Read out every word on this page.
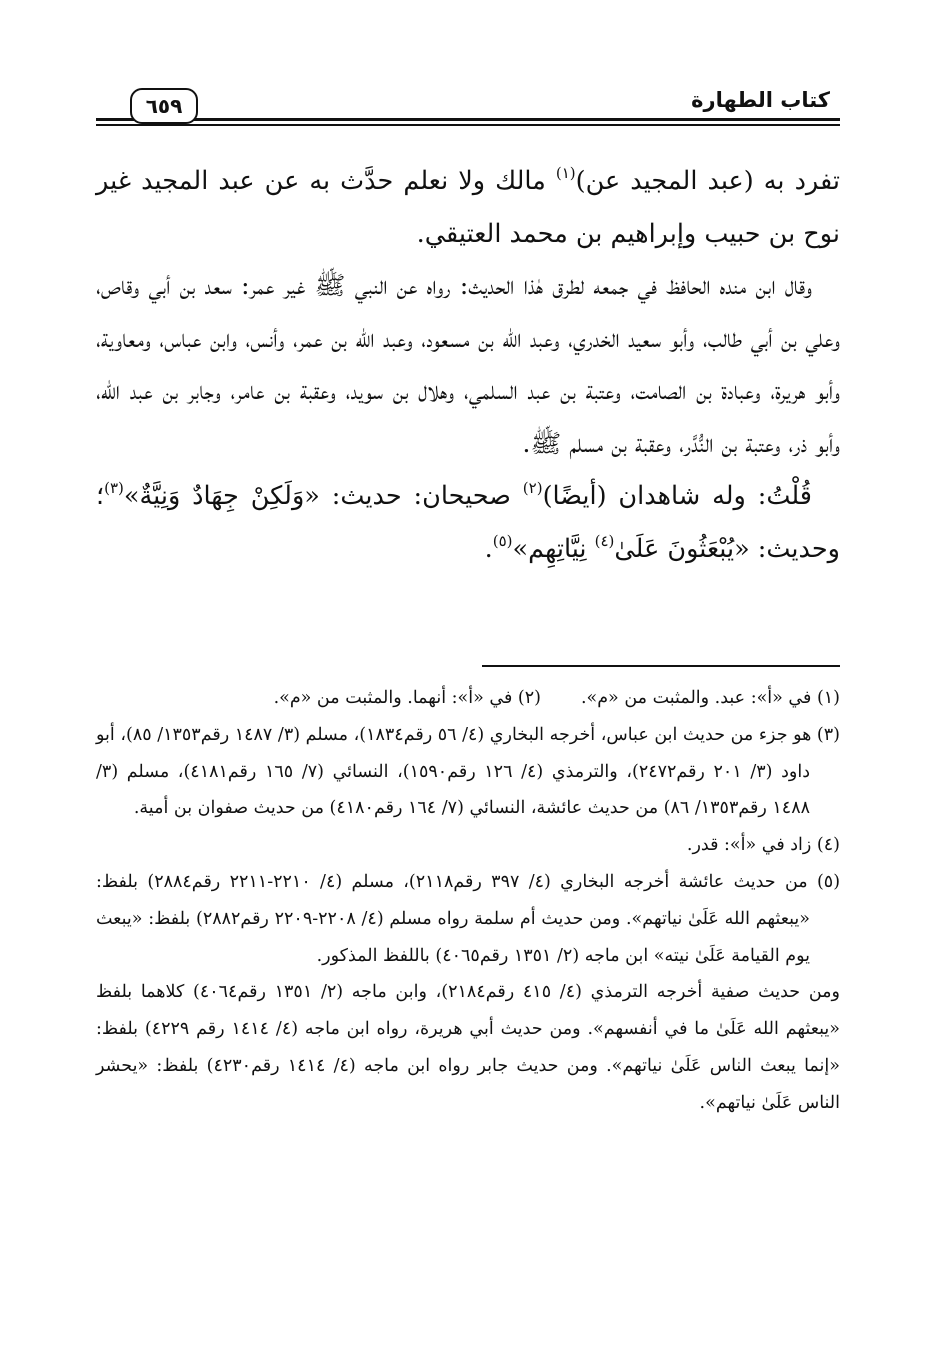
كتاب الطهارة
٦٥٩

تفرد به (عبد المجيد عن)$^{(١)}$ مالك ولا نعلم حدَّث به عن عبد المجيد غير نوح بن حبيب وإبراهيم بن محمد العتيقي.

وقال ابن منده الحافظ في جمعه لطرق هٰذا الحديث: رواه عن النبي ﷺ غير عمر: سعد بن أبي وقاص، وعلي بن أبي طالب، وأبو سعيد الخدري، وعبد الله بن مسعود، وعبد الله بن عمر، وأنس، وابن عباس، ومعاوية، وأبو هريرة، وعبادة بن الصامت، وعتبة بن عبد السلمي، وهلال بن سويد، وعقبة بن عامر، وجابر بن عبد الله، وأبو ذر، وعتبة بن النُّدَّر، وعقبة بن مسلم ﷺ.

قُلْتُ: وله شاهدان (أيضًا)$^{(٢)}$ صحيحان: حديث: «وَلَكِنْ جِهَادٌ وَنِيَّةٌ»$^{(٣)}$؛ وحديث: «يُبْعَثُونَ عَلَىٰ$^{(٤)}$ نِيَّاتِهِم»$^{(٥)}$.

(١) في «أ»: عبد. والمثبت من «م».
(٢) في «أ»: أنهما. والمثبت من «م».

(٣) هو جزء من حديث ابن عباس، أخرجه البخاري (٤/ ٥٦ رقم١٨٣٤)، مسلم (٣/ ١٤٨٧ رقم١٣٥٣/ ٨٥)، أبو داود (٣/ ٢٠١ رقم٢٤٧٢)، والترمذي (٤/ ١٢٦ رقم١٥٩٠)، النسائي (٧/ ١٦٥ رقم٤١٨١)، مسلم (٣/ ١٤٨٨ رقم١٣٥٣/ ٨٦) من حديث عائشة، النسائي (٧/ ١٦٤ رقم٤١٨٠) من حديث صفوان بن أمية.

(٤) زاد في «أ»: قدر.

(٥) من حديث عائشة أخرجه البخاري (٤/ ٣٩٧ رقم٢١١٨)، مسلم (٤/ ٢٢١٠-٢٢١١ رقم٢٨٨٤) بلفظ: «يبعثهم الله عَلَىٰ نياتهم». ومن حديث أم سلمة رواه مسلم (٤/ ٢٢٠٨-٢٢٠٩ رقم٢٨٨٢) بلفظ: «يبعث يوم القيامة عَلَىٰ نيته» ابن ماجه (٢/ ١٣٥١ رقم٤٠٦٥) باللفظ المذكور.

ومن حديث صفية أخرجه الترمذي (٤/ ٤١٥ رقم٢١٨٤)، وابن ماجه (٢/ ١٣٥١ رقم٤٠٦٤) كلاهما بلفظ «يبعثهم الله عَلَىٰ ما في أنفسهم». ومن حديث أبي هريرة، رواه ابن ماجه (٤/ ١٤١٤ رقم ٤٢٢٩) بلفظ: «إنما يبعث الناس عَلَىٰ نياتهم». ومن حديث جابر رواه ابن ماجه (٤/ ١٤١٤ رقم٤٢٣٠) بلفظ: «يحشر الناس عَلَىٰ نياتهم».
